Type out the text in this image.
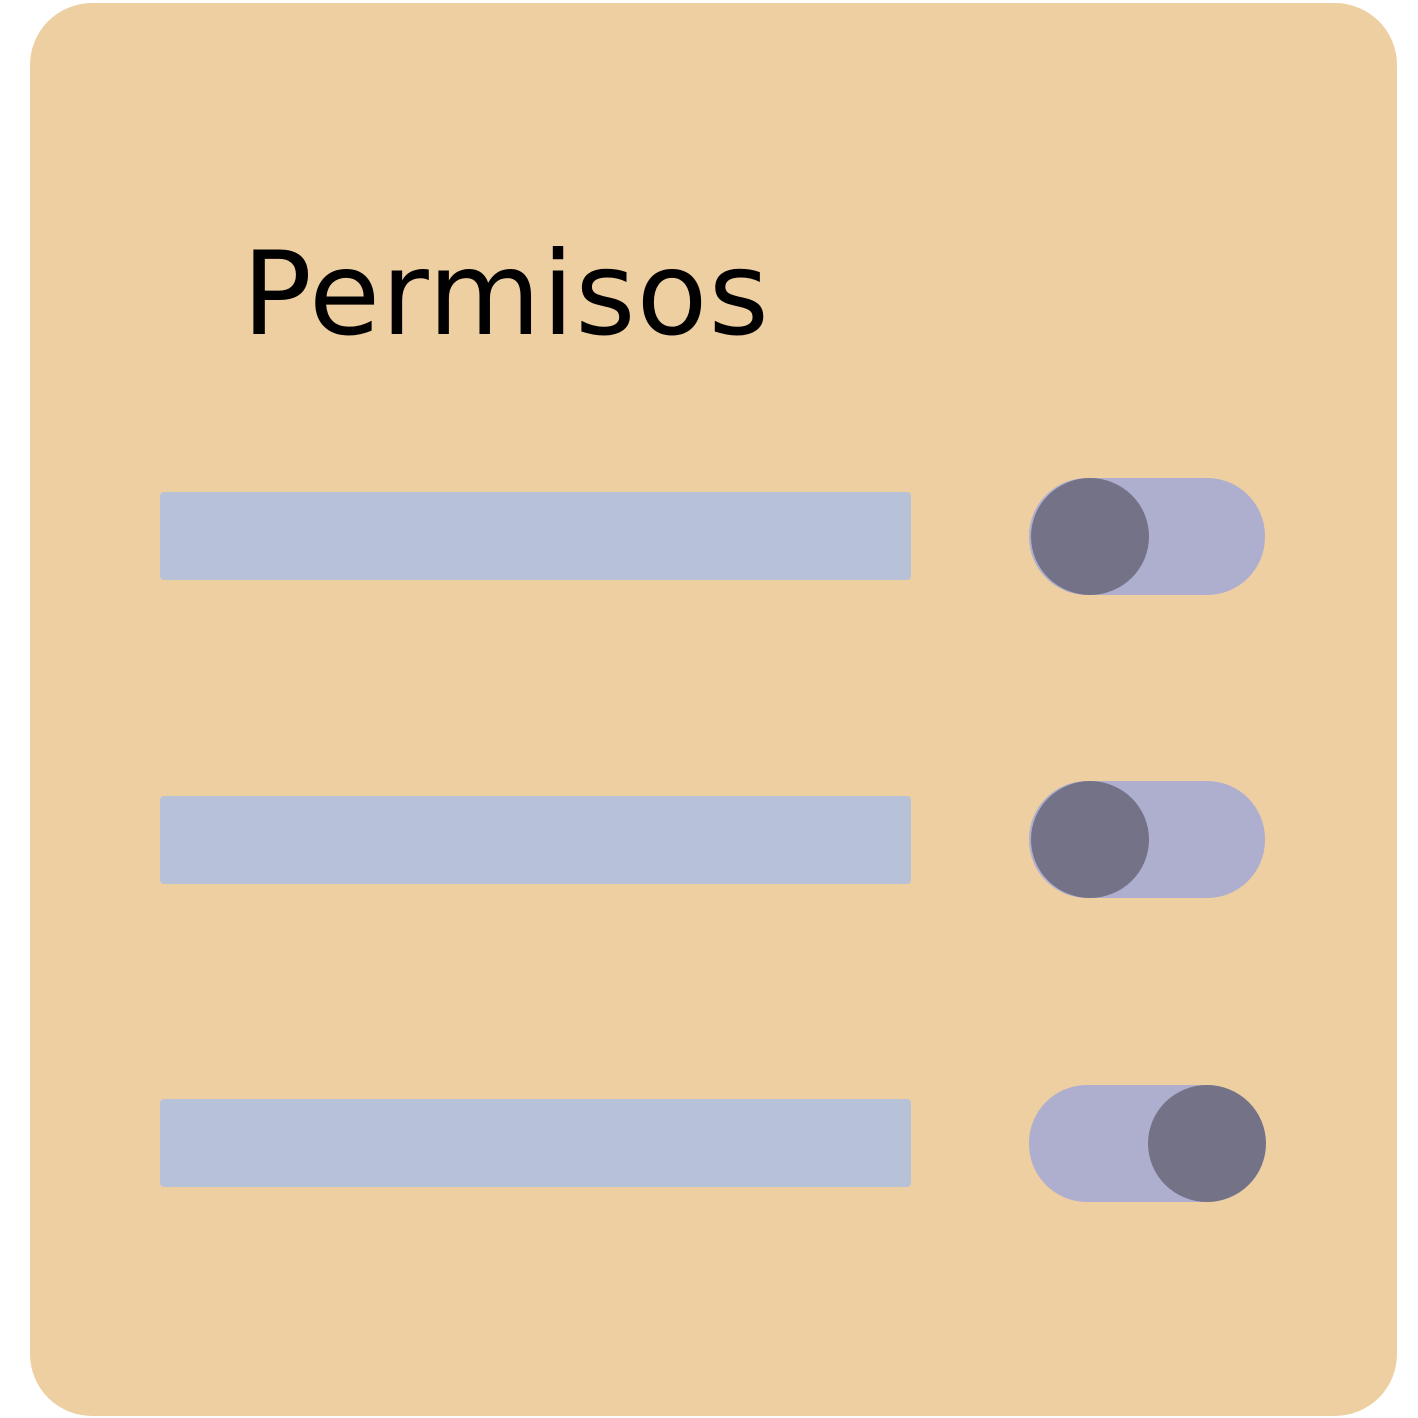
Permisos
